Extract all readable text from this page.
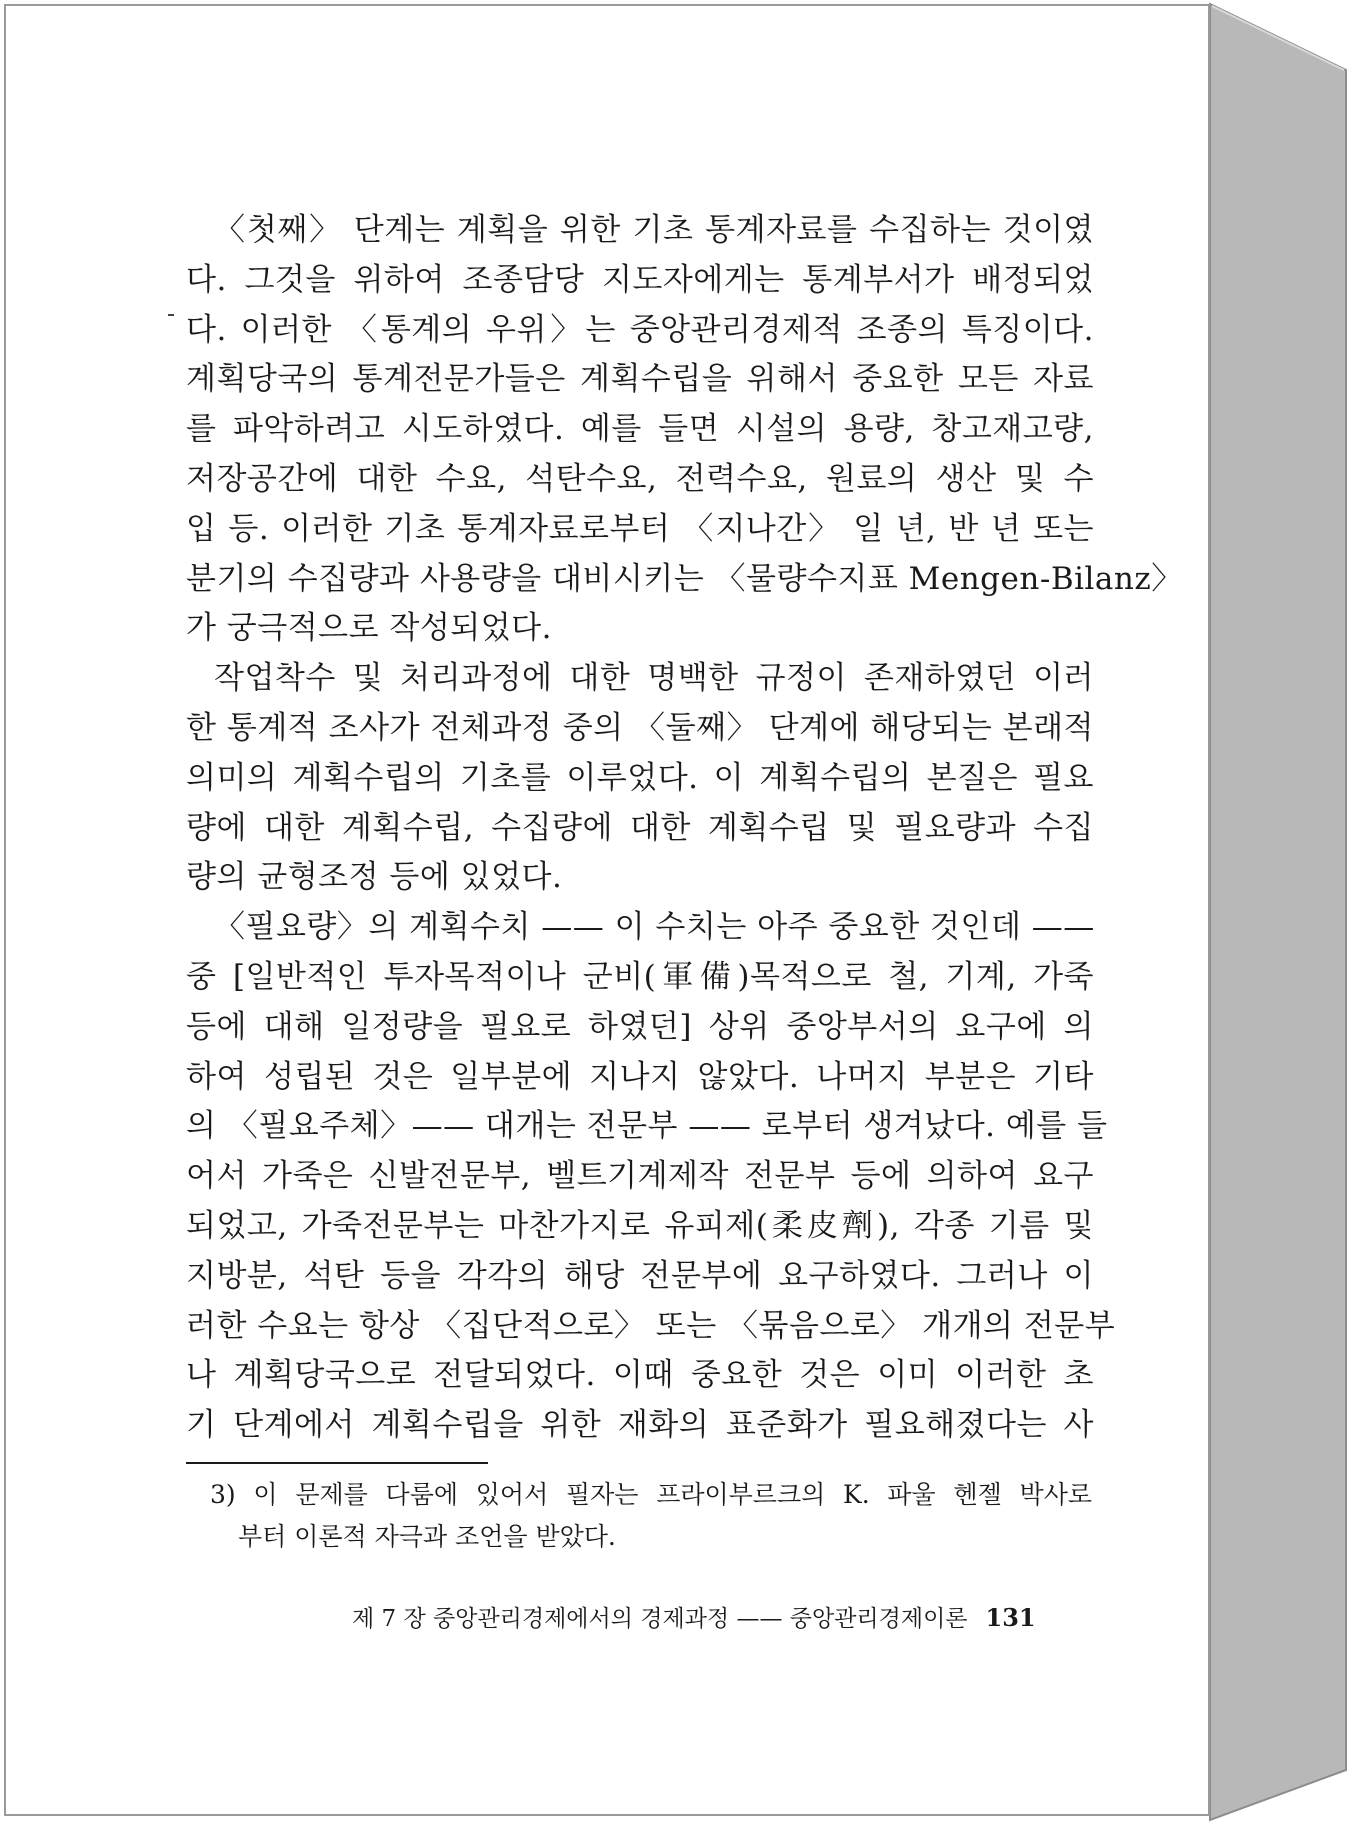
〈첫째〉 단계는 계획을 위한 기초 통계자료를 수집하는 것이였
다. 그것을 위하여 조종담당 지도자에게는 통계부서가 배정되었
다. 이러한 〈통계의 우위〉는 중앙관리경제적 조종의 특징이다.
계획당국의 통계전문가들은 계획수립을 위해서 중요한 모든 자료
를 파악하려고 시도하였다. 예를 들면 시설의 용량, 창고재고량,
저장공간에 대한 수요, 석탄수요, 전력수요, 원료의 생산 및 수
입 등. 이러한 기초 통계자료로부터 〈지나간〉 일 년, 반 년 또는
분기의 수집량과 사용량을 대비시키는 〈물량수지표 Mengen-Bilanz〉
가 궁극적으로 작성되었다.
작업착수 및 처리과정에 대한 명백한 규정이 존재하였던 이러
한 통계적 조사가 전체과정 중의 〈둘째〉 단계에 해당되는 본래적
의미의 계획수립의 기초를 이루었다. 이 계획수립의 본질은 필요
량에 대한 계획수립, 수집량에 대한 계획수립 및 필요량과 수집
량의 균형조정 등에 있었다.
〈필요량〉의 계획수치 —— 이 수치는 아주 중요한 것인데 ——
중 [일반적인 투자목적이나 군비(軍備)목적으로 철, 기계, 가죽
등에 대해 일정량을 필요로 하였던] 상위 중앙부서의 요구에 의
하여 성립된 것은 일부분에 지나지 않았다. 나머지 부분은 기타
의 〈필요주체〉—— 대개는 전문부 —— 로부터 생겨났다. 예를 들
어서 가죽은 신발전문부, 벨트기계제작 전문부 등에 의하여 요구
되었고, 가죽전문부는 마찬가지로 유피제(柔皮劑), 각종 기름 및
지방분, 석탄 등을 각각의 해당 전문부에 요구하였다. 그러나 이
러한 수요는 항상 〈집단적으로〉 또는 〈묶음으로〉 개개의 전문부
나 계획당국으로 전달되었다. 이때 중요한 것은 이미 이러한 초
기 단계에서 계획수립을 위한 재화의 표준화가 필요해졌다는 사
3) 이 문제를 다룸에 있어서 필자는 프라이부르크의 K. 파울 헨젤 박사로
부터 이론적 자극과 조언을 받았다.
제 7 장 중앙관리경제에서의 경제과정 —— 중앙관리경제이론 131
